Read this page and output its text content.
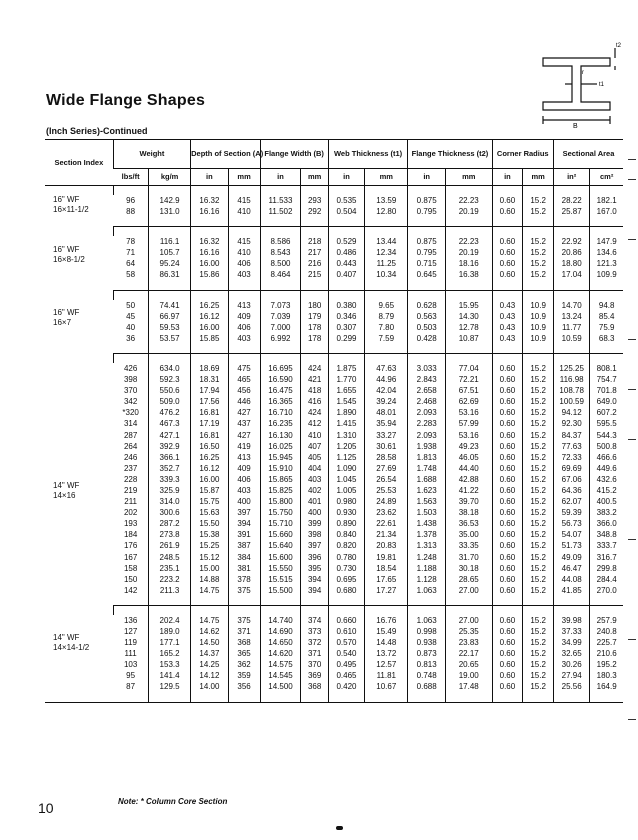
Wide Flange Shapes
(Inch Series)-Continued
t2
r
t1
B
Section Index	Weight		Depth of Section (A)		Flange Width (B)		Web Thickness (t1)		Flange Thickness (t2)		Corner Radius		Sectional Area	
	lbs/ft	kg/m	in	mm	in	mm	in	mm	in	mm	in	mm	in²	cm²

16" WF
16×11-1/2														

	96	142.9	16.32	415	11.533	293	0.535	13.59	0.875	22.23	0.60	15.2	28.22	182.1
	88	131.0	16.16	410	11.502	292	0.504	12.80	0.795	20.19	0.60	15.2	25.87	167.0

16" WF
16×8-1/2														

	78	116.1	16.32	415	8.586	218	0.529	13.44	0.875	22.23	0.60	15.2	22.92	147.9
	71	105.7	16.16	410	8.543	217	0.486	12.34	0.795	20.19	0.60	15.2	20.86	134.6
	64	95.24	16.00	406	8.500	216	0.443	11.25	0.715	18.16	0.60	15.2	18.80	121.3
	58	86.31	15.86	403	8.464	215	0.407	10.34	0.645	16.38	0.60	15.2	17.04	109.9

16" WF
16×7														

	50	74.41	16.25	413	7.073	180	0.380	9.65	0.628	15.95	0.43	10.9	14.70	94.8
	45	66.97	16.12	409	7.039	179	0.346	8.79	0.563	14.30	0.43	10.9	13.24	85.4
	40	59.53	16.00	406	7.000	178	0.307	7.80	0.503	12.78	0.43	10.9	11.77	75.9
	36	53.57	15.85	403	6.992	178	0.299	7.59	0.428	10.87	0.43	10.9	10.59	68.3

14" WF
14×16														

	426	634.0	18.69	475	16.695	424	1.875	47.63	3.033	77.04	0.60	15.2	125.25	808.1
	398	592.3	18.31	465	16.590	421	1.770	44.96	2.843	72.21	0.60	15.2	116.98	754.7
	370	550.6	17.94	456	16.475	418	1.655	42.04	2.658	67.51	0.60	15.2	108.78	701.8
	342	509.0	17.56	446	16.365	416	1.545	39.24	2.468	62.69	0.60	15.2	100.59	649.0
	*320	476.2	16.81	427	16.710	424	1.890	48.01	2.093	53.16	0.60	15.2	94.12	607.2
	314	467.3	17.19	437	16.235	412	1.415	35.94	2.283	57.99	0.60	15.2	92.30	595.5
	287	427.1	16.81	427	16.130	410	1.310	33.27	2.093	53.16	0.60	15.2	84.37	544.3
	264	392.9	16.50	419	16.025	407	1.205	30.61	1.938	49.23	0.60	15.2	77.63	500.8
	246	366.1	16.25	413	15.945	405	1.125	28.58	1.813	46.05	0.60	15.2	72.33	466.6
	237	352.7	16.12	409	15.910	404	1.090	27.69	1.748	44.40	0.60	15.2	69.69	449.6
	228	339.3	16.00	406	15.865	403	1.045	26.54	1.688	42.88	0.60	15.2	67.06	432.6
	219	325.9	15.87	403	15.825	402	1.005	25.53	1.623	41.22	0.60	15.2	64.36	415.2
	211	314.0	15.75	400	15.800	401	0.980	24.89	1.563	39.70	0.60	15.2	62.07	400.5
	202	300.6	15.63	397	15.750	400	0.930	23.62	1.503	38.18	0.60	15.2	59.39	383.2
	193	287.2	15.50	394	15.710	399	0.890	22.61	1.438	36.53	0.60	15.2	56.73	366.0
	184	273.8	15.38	391	15.660	398	0.840	21.34	1.378	35.00	0.60	15.2	54.07	348.8
	176	261.9	15.25	387	15.640	397	0.820	20.83	1.313	33.35	0.60	15.2	51.73	333.7
	167	248.5	15.12	384	15.600	396	0.780	19.81	1.248	31.70	0.60	15.2	49.09	316.7
	158	235.1	15.00	381	15.550	395	0.730	18.54	1.188	30.18	0.60	15.2	46.47	299.8
	150	223.2	14.88	378	15.515	394	0.695	17.65	1.128	28.65	0.60	15.2	44.08	284.4
	142	211.3	14.75	375	15.500	394	0.680	17.27	1.063	27.00	0.60	15.2	41.85	270.0

14" WF
14×14-1/2														

	136	202.4	14.75	375	14.740	374	0.660	16.76	1.063	27.00	0.60	15.2	39.98	257.9
	127	189.0	14.62	371	14.690	373	0.610	15.49	0.998	25.35	0.60	15.2	37.33	240.8
	119	177.1	14.50	368	14.650	372	0.570	14.48	0.938	23.83	0.60	15.2	34.99	225.7
	111	165.2	14.37	365	14.620	371	0.540	13.72	0.873	22.17	0.60	15.2	32.65	210.6
	103	153.3	14.25	362	14.575	370	0.495	12.57	0.813	20.65	0.60	15.2	30.26	195.2
	95	141.4	14.12	359	14.545	369	0.465	11.81	0.748	19.00	0.60	15.2	27.94	180.3
	87	129.5	14.00	356	14.500	368	0.420	10.67	0.688	17.48	0.60	15.2	25.56	164.9

10	Note: * Column Core Section
